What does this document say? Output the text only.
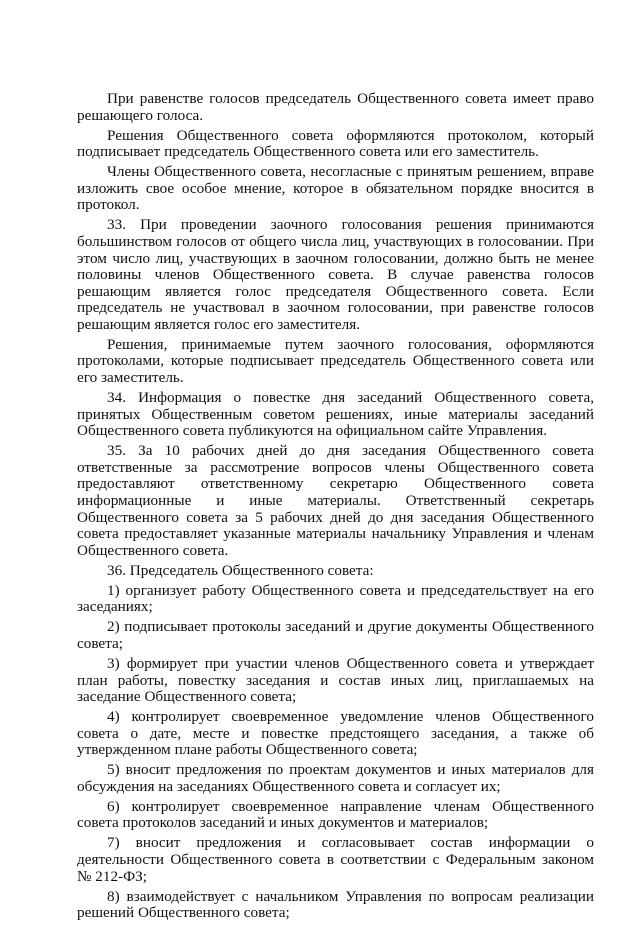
При равенстве голосов председатель Общественного совета имеет право решающего голоса.

Решения Общественного совета оформляются протоколом, который подписывает председатель Общественного совета или его заместитель.

Члены Общественного совета, несогласные с принятым решением, вправе изложить свое особое мнение, которое в обязательном порядке вносится в протокол.

33. При проведении заочного голосования решения принимаются большинством голосов от общего числа лиц, участвующих в голосовании. При этом число лиц, участвующих в заочном голосовании, должно быть не менее половины членов Общественного совета. В случае равенства голосов решающим является голос председателя Общественного совета. Если председатель не участвовал в заочном голосовании, при равенстве голосов решающим является голос его заместителя.

Решения, принимаемые путем заочного голосования, оформляются протоколами, которые подписывает председатель Общественного совета или его заместитель.

34. Информация о повестке дня заседаний Общественного совета, принятых Общественным советом решениях, иные материалы заседаний Общественного совета публикуются на официальном сайте Управления.

35. За 10 рабочих дней до дня заседания Общественного совета ответственные за рассмотрение вопросов члены Общественного совета предоставляют ответственному секретарю Общественного совета информационные и иные материалы. Ответственный секретарь Общественного совета за 5 рабочих дней до дня заседания Общественного совета предоставляет указанные материалы начальнику Управления и членам Общественного совета.

36. Председатель Общественного совета:

1) организует работу Общественного совета и председательствует на его заседаниях;

2) подписывает протоколы заседаний и другие документы Общественного совета;

3) формирует при участии членов Общественного совета и утверждает план работы, повестку заседания и состав иных лиц, приглашаемых на заседание Общественного совета;

4) контролирует своевременное уведомление членов Общественного совета о дате, месте и повестке предстоящего заседания, а также об утвержденном плане работы Общественного совета;

5) вносит предложения по проектам документов и иных материалов для обсуждения на заседаниях Общественного совета и согласует их;

6) контролирует своевременное направление членам Общественного совета протоколов заседаний и иных документов и материалов;

7) вносит предложения и согласовывает состав информации о деятельности Общественного совета в соответствии с Федеральным законом № 212-ФЗ;

8) взаимодействует с начальником Управления по вопросам реализации решений Общественного совета;
